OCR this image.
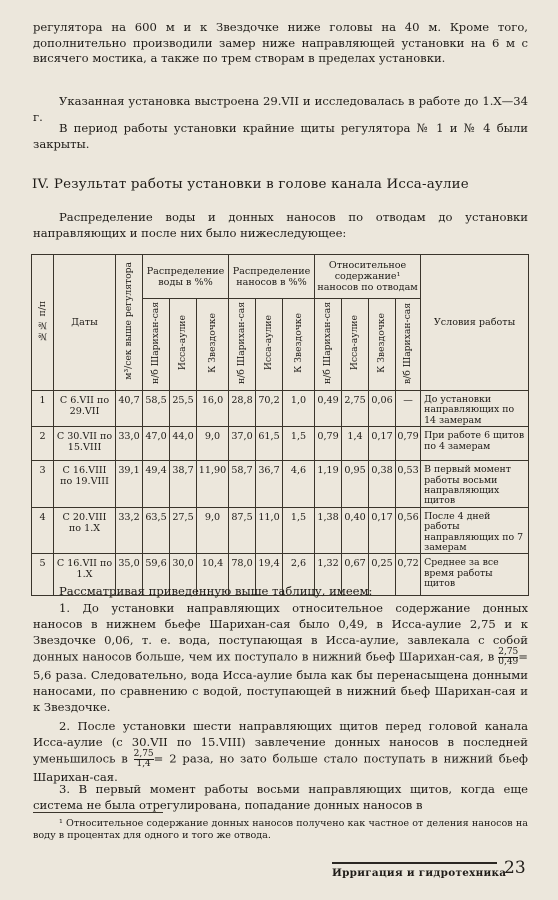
регулятора на 600 м и к Звездочке ниже головы на 40 м. Кроме того, дополнительно производили замер ниже направляющей установки на 6 м с висячего мостика, а также по трем створам в пределах установки.

Указанная установка выстроена 29.VII и исследовалась в работе до 1.X—34 г.

В период работы установки крайние щиты регулятора № 1 и № 4 были закрыты.

IV. Результат работы установки в голове канала Исса-аулие

Распределение воды и донных наносов по отводам до установки направляющих и после них было нижеследующее:

№№ п/п	Даты	м³/сек выше регулятора	Распределение воды в %%			Распределение наносов в %%			Относительное содержание¹ наносов по отводам				Условия работы
			н/б Шарихан-сая	Исса-аулие	К Звездочке	н/б Шарихан-сая	Исса-аулие	К Звездочке	н/б Шарихан-сая	Исса-аулие	К Звездочке	в/б Шарихан-сая	
1	С 6.VII по 29.VII	40,7	58,5	25,5	16,0	28,8	70,2	1,0	0,49	2,75	0,06	—	До установки направляющих по 14 замерам
2	С 30.VII по 15.VIII	33,0	47,0	44,0	9,0	37,0	61,5	1,5	0,79	1,4	0,17	0,79	При работе 6 щитов по 4 замерам
3	С 16.VIII по 19.VIII	39,1	49,4	38,7	11,90	58,7	36,7	4,6	1,19	0,95	0,38	0,53	В первый момент работы восьми направляющих щитов
4	С 20.VIII по 1.X	33,2	63,5	27,5	9,0	87,5	11,0	1,5	1,38	0,40	0,17	0,56	После 4 дней работы направляющих по 7 замерам
5	С 16.VII по 1.X	35,0	59,6	30,0	10,4	78,0	19,4	2,6	1,32	0,67	0,25	0,72	Среднее за все время работы щитов

Рассматривая приведенную выше таблицу, имеем:

1. До установки направляющих относительное содержание донных наносов в нижнем бьефе Шарихан-сая было 0,49, в Исса-аулие 2,75 и к Звездочке 0,06, т. е. вода, поступающая в Исса-аулие, завлекала с собой донных наносов больше, чем их поступало в нижний бьеф Шарихан-сая, в $\frac{2,75}{0,49} = 5,6$ раза. Следовательно, вода Исса-аулие была как бы перенасыщена донными наносами, по сравнению с водой, поступающей в нижний бьеф Шарихан-сая и к Звездочке.

2. После установки шести направляющих щитов перед головой канала Исса-аулие (с 30.VII по 15.VIII) завлечение донных наносов в последней уменьшилось в $\frac{2,75}{1,4} = 2$ раза, но зато больше стало поступать в нижний бьеф Шарихан-сая.

3. В первый момент работы восьми направляющих щитов, когда еще система не была отрегулирована, попадание донных наносов в

¹ Относительное содержание донных наносов получено как частное от деления наносов на воду в процентах для одного и того же отвода.

Ирригация и гидротехника
23
